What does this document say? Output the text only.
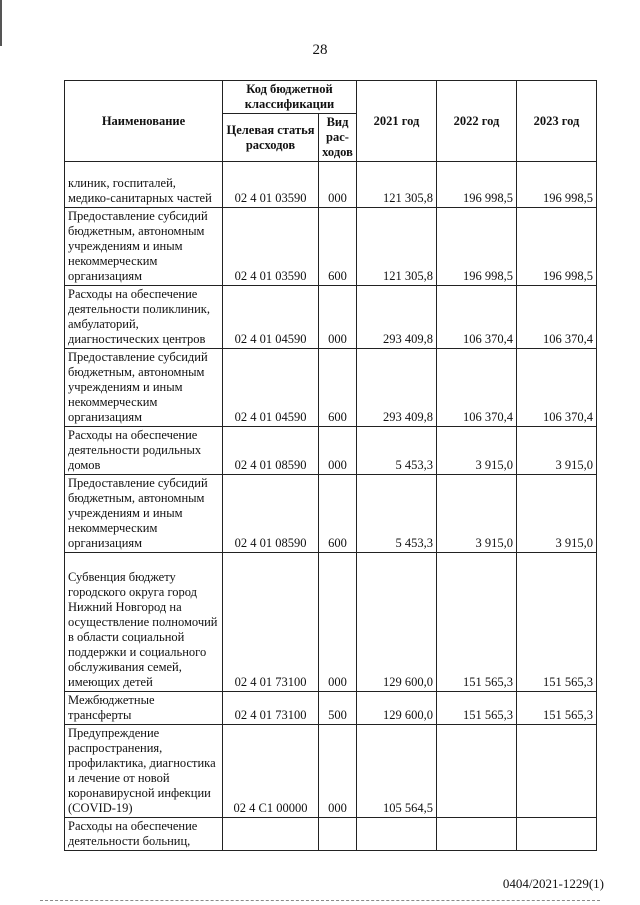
28
Наименование	Код бюджетной классификации		2021 год	2022 год	2023 год
	Целевая статья расходов	Вид рас-ходов			
клиник, госпиталей, медико-санитарных частей	02 4 01 03590	000	121 305,8	196 998,5	196 998,5
Предоставление субсидий бюджетным, автономным учреждениям и иным некоммерческим организациям	02 4 01 03590	600	121 305,8	196 998,5	196 998,5
Расходы на обеспечение деятельности поликлиник, амбулаторий, диагностических центров	02 4 01 04590	000	293 409,8	106 370,4	106 370,4
Предоставление субсидий бюджетным, автономным учреждениям и иным некоммерческим организациям	02 4 01 04590	600	293 409,8	106 370,4	106 370,4
Расходы на обеспечение деятельности родильных домов	02 4 01 08590	000	5 453,3	3 915,0	3 915,0
Предоставление субсидий бюджетным, автономным учреждениям и иным некоммерческим организациям	02 4 01 08590	600	5 453,3	3 915,0	3 915,0
Субвенция бюджету городского округа город Нижний Новгород на осуществление полномочий в области социальной поддержки и социального обслуживания семей, имеющих детей	02 4 01 73100	000	129 600,0	151 565,3	151 565,3
Межбюджетные трансферты	02 4 01 73100	500	129 600,0	151 565,3	151 565,3
Предупреждение распространения, профилактика, диагностика и лечение от новой коронавирусной инфекции (COVID-19)	02 4 С1 00000	000	105 564,5		
Расходы на обеспечение деятельности больниц,					
0404/2021-1229(1)
